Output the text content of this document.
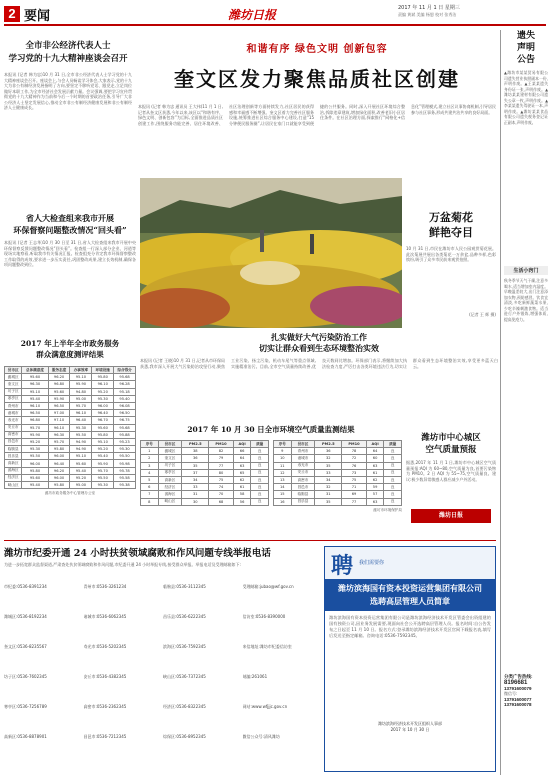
2 要闻	潍坊日报	2017 年 11 月 1 日 星期三
责编 黄斌 美编 杨恕 校对 张秀洁
全市非公经济代表人士
学习党的十九大精神座谈会召开
本报讯 (记者 韩为忠)10 月 31 日,全市非公经济代表人士学习党的十九大精神座谈会召开。座谈会上,与会人员畅谈学习体会,大家表示,党的十九大为非公有制经济发展指明了方向,要坚定不移听党话、跟党走,立足岗位做好本职工作,为全市经济社会发展贡献力量。会议强调,要把学习宣传贯彻党的十九大精神作为当前和今后一个时期的首要政治任务,引导广大非公经济人士坚定发展信心,推动全市非公有制经济健康发展和非公有制经济人士健康成长。
和谐有序 绿色文明 创新包容
奎文区发力聚焦品质社区创建
本报讯 (记者 韩为忠 通讯员 王大伟)11 月 1 日,记者从奎文区获悉,今年以来,该区以“和谐有序、绿色文明、创新包容”为目标,全面推进品质社区创建工作,围绕服务功能完善、居住环境改善、社区治理创新等方面持续发力,社区居民的获得感和幸福感不断增强。奎文区着力完善社区服务设施,统筹推进社区综合服务中心建设,打造“15 分钟便民服务圈”,让居民在家门口就能享受到便捷的公共服务。同时,深入开展社区环境综合整治,拆除违章建筑,增加绿化面积,改善老旧小区居住条件。在社区治理方面,探索推行“网格化+信息化”管理模式,建立社区议事协商机制,引导居民参与社区事务,形成共建共治共享的良好局面。
遗失
声明
公告
▲潍坊市某某贸易有限公司遗失营业执照副本一份,声明作废。▲王某某遗失身份证一张,声明作废。▲潍坊某某建材有限公司遗失公章一枚,声明作废。▲李某某遗失驾驶证一本,声明作废。▲潍坊某某食品有限公司遗失税务登记证正副本,声明作废。
生活小窍门
秋冬季节天气干燥,注意多喝水,适当增加室内湿度。早晚温差较大,出门注意添加衣物,预防感冒。饮食宜清淡,多吃新鲜蔬菜水果,少吃辛辣刺激食物。适当进行户外锻炼,增强体质,提高免疫力。
分类广告热线:
8196681
13791600079
微信号:
13791600077
13791600078
省人大检查组来我市开展
环保督察问题整改情况“回头看”
本报讯 (记者 王志华)10 月 30 日至 31 日,省人大检查组来我市开展中央环保督察反馈问题整改情况“回头看”。检查组一行深入部分企业、河道等现场实地察看,听取我市有关情况汇报。检查组充分肯定我市环保督察整改工作取得的成效,要求进一步压实责任,巩固整改成果,建立长效机制,确保各项问题整改到位。
万盆菊花
鲜艳夺目
10 月 31 日,市民在潍坊市人民公园观赏菊花展。此次菊展共展出各类菊花一万余盆,品种多样,色彩缤纷,吸引了众多市民前来观赏拍照。
(记者 王 辉 摄)
2017 年上半年全市政务服务
群众满意度测评结果
县市区	总体满意度	服务态度	办事效率	环境设施	综合得分
潍城区	95.60	96.20	95.10	95.80	95.68
奎文区	96.30	96.80	95.90	96.10	96.28
坊子区	95.10	95.60	94.80	95.20	95.18
寒亭区	95.40	95.90	95.00	95.30	95.40
青州市	96.10	96.50	95.70	96.00	96.08
诸城市	96.50	97.00	96.10	96.40	96.50
寿光市	96.80	97.10	96.40	96.70	96.75
安丘市	95.70	96.10	95.30	95.60	95.68
高密市	95.90	96.30	95.50	95.80	95.88
昌邑市	95.20	95.70	94.90	95.10	95.23
临朐县	95.30	95.80	94.90	95.20	95.30
昌乐县	95.50	96.00	95.10	95.40	95.50
高新区	96.00	96.40	95.60	95.90	95.98
滨海区	95.80	96.20	95.40	95.70	95.78
经济区	95.60	96.00	95.20	95.50	95.58
峡山区	95.40	95.80	95.00	95.30	95.38
潍坊市政务服务中心管理办公室
扎实做好大气污染防治工作
切实让群众看到生态环境整治实效
本报讯 (记者 王晓)10 月 31 日,记者从市环保局获悉,我市深入开展大气污染防治攻坚行动,聚焦工业污染、扬尘污染、机动车尾气等重点领域,实施精准治污。目前,全市空气质量持续改善,优良天数同比增加。环保部门表示,将继续加大执法检查力度,严厉打击各类环境违法行为,切实让群众看到生态环境整治实效,享受更多蓝天白云。
2017 年 10 月 30 日全市环境空气质量监测结果
序号	县市区	PM2.5	PM10	AQI	质量
1	潍城区	38	82	66	良
2	奎文区	36	79	64	良
3	坊子区	35	77	63	良
4	寒亭区	37	80	65	良
5	高新区	34	75	62	良
6	经济区	33	74	61	良
7	滨海区	31	70	58	良
8	峡山区	30	68	56	良
序号	县市区	PM2.5	PM10	AQI	质量
9	青州市	36	78	64	良
10	诸城市	32	72	60	良
11	寿光市	35	76	63	良
12	安丘市	33	73	61	良
13	高密市	34	75	62	良
14	昌邑市	32	71	59	良
15	临朐县	31	69	57	良
16	昌乐县	35	77	63	良
潍坊市环境保护局
潍坊市中心城区
空气质量预报
据悉,2017 年 11 月 1 日,潍坊市中心城区空气质量预报:AQI 为 60~80,空气质量为良,首要污染物为 PM10。2 日 AQI 为 55~75,空气质量良。建议:极少数异常敏感人群应减少户外活动。
潍坊日报
潍坊市纪委开通 24 小时扶贫领域腐败和作风问题专线举报电话
为进一步拓宽群众监督渠道,严肃查处扶贫领域腐败和作风问题,市纪委开通 24 小时举报专线,接受群众举报。举报电话及受理邮箱如下:
市纪委:0536-8391234
潍城区:0536-8192234
奎文区:0536-8235567
坊子区:0536-7602345
寒亭区:0536-7256789
高新区:0536-8878901
青州市:0536-3261234
诸城市:0536-6062345
寿光市:0536-5202345
安丘市:0536-4382345
高密市:0536-2362345
昌邑市:0536-7212345
临朐县:0536-3112345
昌乐县:0536-6222345
滨海区:0536-7592345
峡山区:0536-7372345
经济区:0536-8322345
综保区:0536-8952345
受理邮箱:jubao@wf.gov.cn
信访室:0536-8390000
来信地址:潍坊市纪委信访室
邮编:261061
网站:www.wfjjjc.gov.cn
微信公众号:清风潍坊
聘 我们需要你
潍坊滨海国有资本投资运营集团有限公司
选聘高层管理人员简章
潍坊滨海国有资本投资运营集团有限公司是潍坊滨海经济技术开发区管委会出资组建的国有独资公司,因业务发展需要,现面向社会公开选聘高层管理人员。报名时间:自公告发布之日起至 11 月 10 日。报名方式:登录潍坊滨海经济技术开发区官网下载报名表,填写后发送至指定邮箱。咨询电话:0536-7592345。
潍坊滨海经济技术开发区组织人事部
2017 年 10 月 30 日
